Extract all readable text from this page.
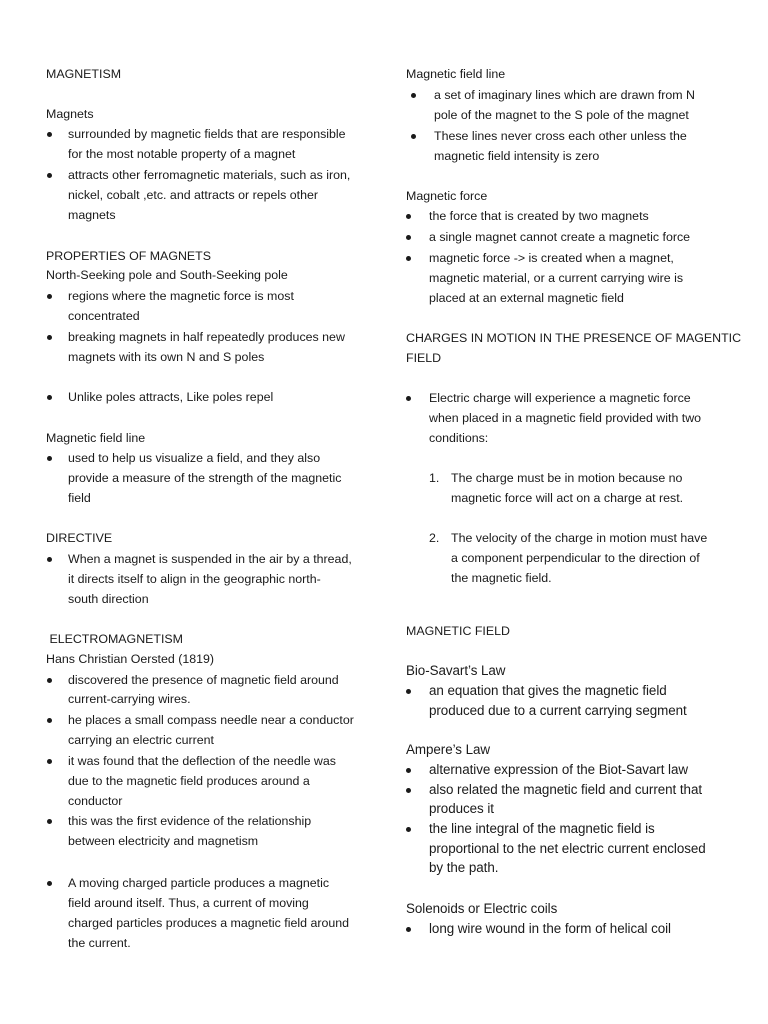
MAGNETISM
Magnets
surrounded by magnetic fields that are responsible
for the most notable property of a magnet
attracts other ferromagnetic materials, such as iron,
nickel, cobalt ,etc. and attracts or repels other
magnets
PROPERTIES OF MAGNETS
North-Seeking pole and South-Seeking pole
regions where the magnetic force is most
concentrated
breaking magnets in half repeatedly produces new
magnets with its own N and S poles
Unlike poles attracts, Like poles repel
Magnetic field line
used to help us visualize a field, and they also
provide a measure of the strength of the magnetic
field
DIRECTIVE
When a magnet is suspended in the air by a thread,
it directs itself to align in the geographic north-
south direction
ELECTROMAGNETISM
Hans Christian Oersted (1819)
discovered the presence of magnetic field around
current-carrying wires.
he places a small compass needle near a conductor
carrying an electric current
it was found that the deflection of the needle was
due to the magnetic field produces around a
conductor
this was the first evidence of the relationship
between electricity and magnetism
A moving charged particle produces a magnetic
field around itself. Thus, a current of moving
charged particles produces a magnetic field around
the current.
Magnetic field line
a set of imaginary lines which are drawn from N
pole of the magnet to the S pole of the magnet
These lines never cross each other unless the
magnetic field intensity is zero
Magnetic force
the force that is created by two magnets
a single magnet cannot create a magnetic force
magnetic force -> is created when a magnet,
magnetic material, or a current carrying wire is
placed at an external magnetic field
CHARGES IN MOTION IN THE PRESENCE OF MAGENTIC
FIELD
Electric charge will experience a magnetic force
when placed in a magnetic field provided with two
conditions:
1. The charge must be in motion because no
magnetic force will act on a charge at rest.
2. The velocity of the charge in motion must have
a component perpendicular to the direction of
the magnetic field.
MAGNETIC FIELD
Bio-Savart’s Law
an equation that gives the magnetic field
produced due to a current carrying segment
Ampere’s Law
alternative expression of the Biot-Savart law
also related the magnetic field and current that
produces it
the line integral of the magnetic field is
proportional to the net electric current enclosed
by the path.
Solenoids or Electric coils
long wire wound in the form of helical coil
